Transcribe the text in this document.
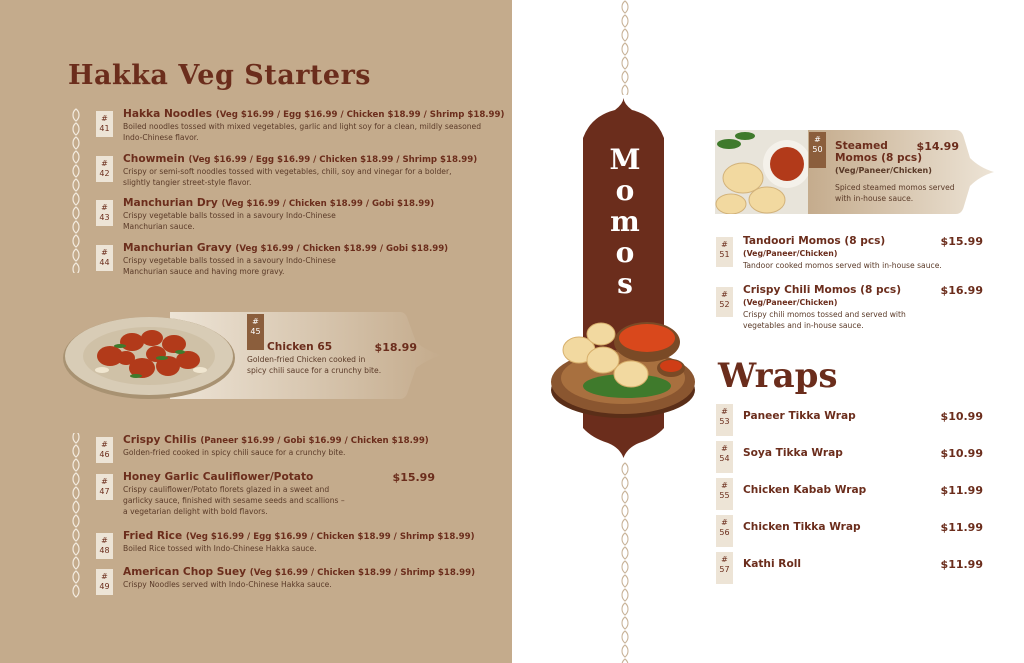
Hakka Veg Starters
#
41
Hakka Noodles (Veg $16.99 / Egg $16.99 / Chicken $18.99 / Shrimp $18.99)
Boiled noodles tossed with mixed vegetables, garlic and light soy for a clean, mildly seasoned
Indo-Chinese flavor.
#
42
Chowmein (Veg $16.99 / Egg $16.99 / Chicken $18.99 / Shrimp $18.99)
Crispy or semi-soft noodles tossed with vegetables, chili, soy and vinegar for a bolder,
slightly tangier street-style flavor.
#
43
Manchurian Dry (Veg $16.99 / Chicken $18.99 / Gobi $18.99)
Crispy vegetable balls tossed in a savoury Indo-Chinese
Manchurian sauce.
#
44
Manchurian Gravy (Veg $16.99 / Chicken $18.99 / Gobi $18.99)
Crispy vegetable balls tossed in a savoury Indo-Chinese
Manchurian sauce and having more gravy.
#
45
Chicken 65	$18.99
Golden-fried Chicken cooked in
spicy chili sauce for a crunchy bite.
#
46
Crispy Chilis (Paneer $16.99 / Gobi $16.99 / Chicken $18.99)
Golden-fried cooked in spicy chili sauce for a crunchy bite.
#
47
Honey Garlic Cauliflower/Potato	$15.99
Crispy cauliflower/Potato florets glazed in a sweet and
garlicky sauce, finished with sesame seeds and scallions –
a vegetarian delight with bold flavors.
#
48
Fried Rice (Veg $16.99 / Egg $16.99 / Chicken $18.99 / Shrimp $18.99)
Boiled Rice tossed with Indo-Chinese Hakka sauce.
#
49
American Chop Suey (Veg $16.99 / Chicken $18.99 / Shrimp $18.99)
Crispy Noodles served with Indo-Chinese Hakka sauce.
M
o
m
o
s
#
50	Steamed
Momos (8 pcs)
$14.99
(Veg/Paneer/Chicken)
Spiced steamed momos served
with in-house sauce.
#
51
Tandoori Momos (8 pcs)	$15.99
(Veg/Paneer/Chicken)
Tandoor cooked momos served with in-house sauce.
#
52
Crispy Chili Momos (8 pcs)	$16.99
(Veg/Paneer/Chicken)
Crispy chili momos tossed and served with
vegetables and in-house sauce.
Wraps
#
53	Paneer Tikka Wrap	$10.99
#
54	Soya Tikka Wrap	$10.99
#
55	Chicken Kabab Wrap	$11.99
#
56	Chicken Tikka Wrap	$11.99
#
57	Kathi Roll	$11.99
